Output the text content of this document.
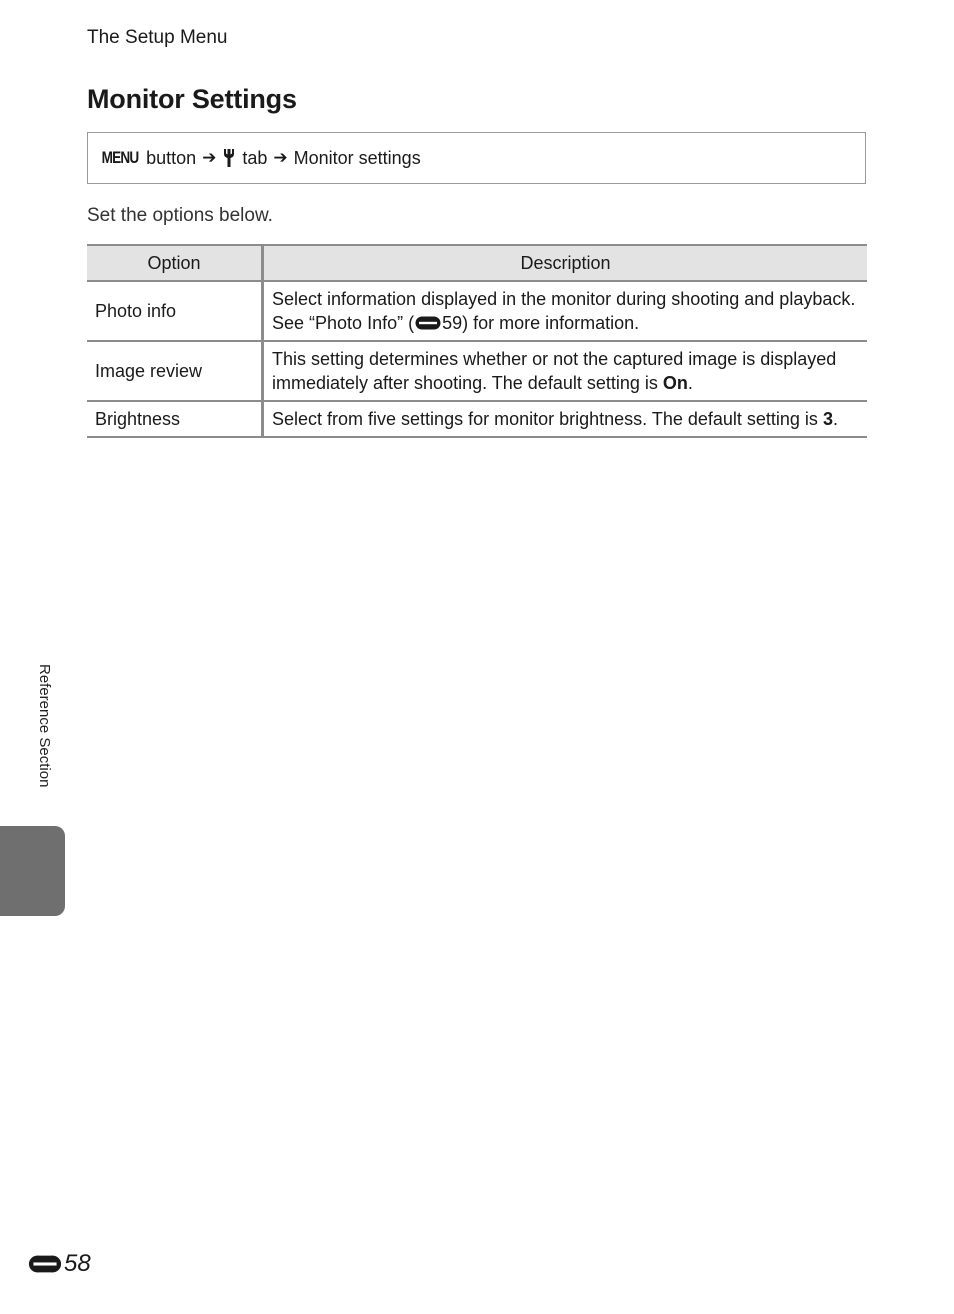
The Setup Menu
Monitor Settings
MENU button ➔ tab ➔ Monitor settings
Set the options below.
Option	Description
Photo info	Select information displayed in the monitor during shooting and playback. See “Photo Info” ( 59) for more information.
Image review	This setting determines whether or not the captured image is displayed immediately after shooting. The default setting is On.
Brightness	Select from five settings for monitor brightness. The default setting is 3.
Reference Section
58
